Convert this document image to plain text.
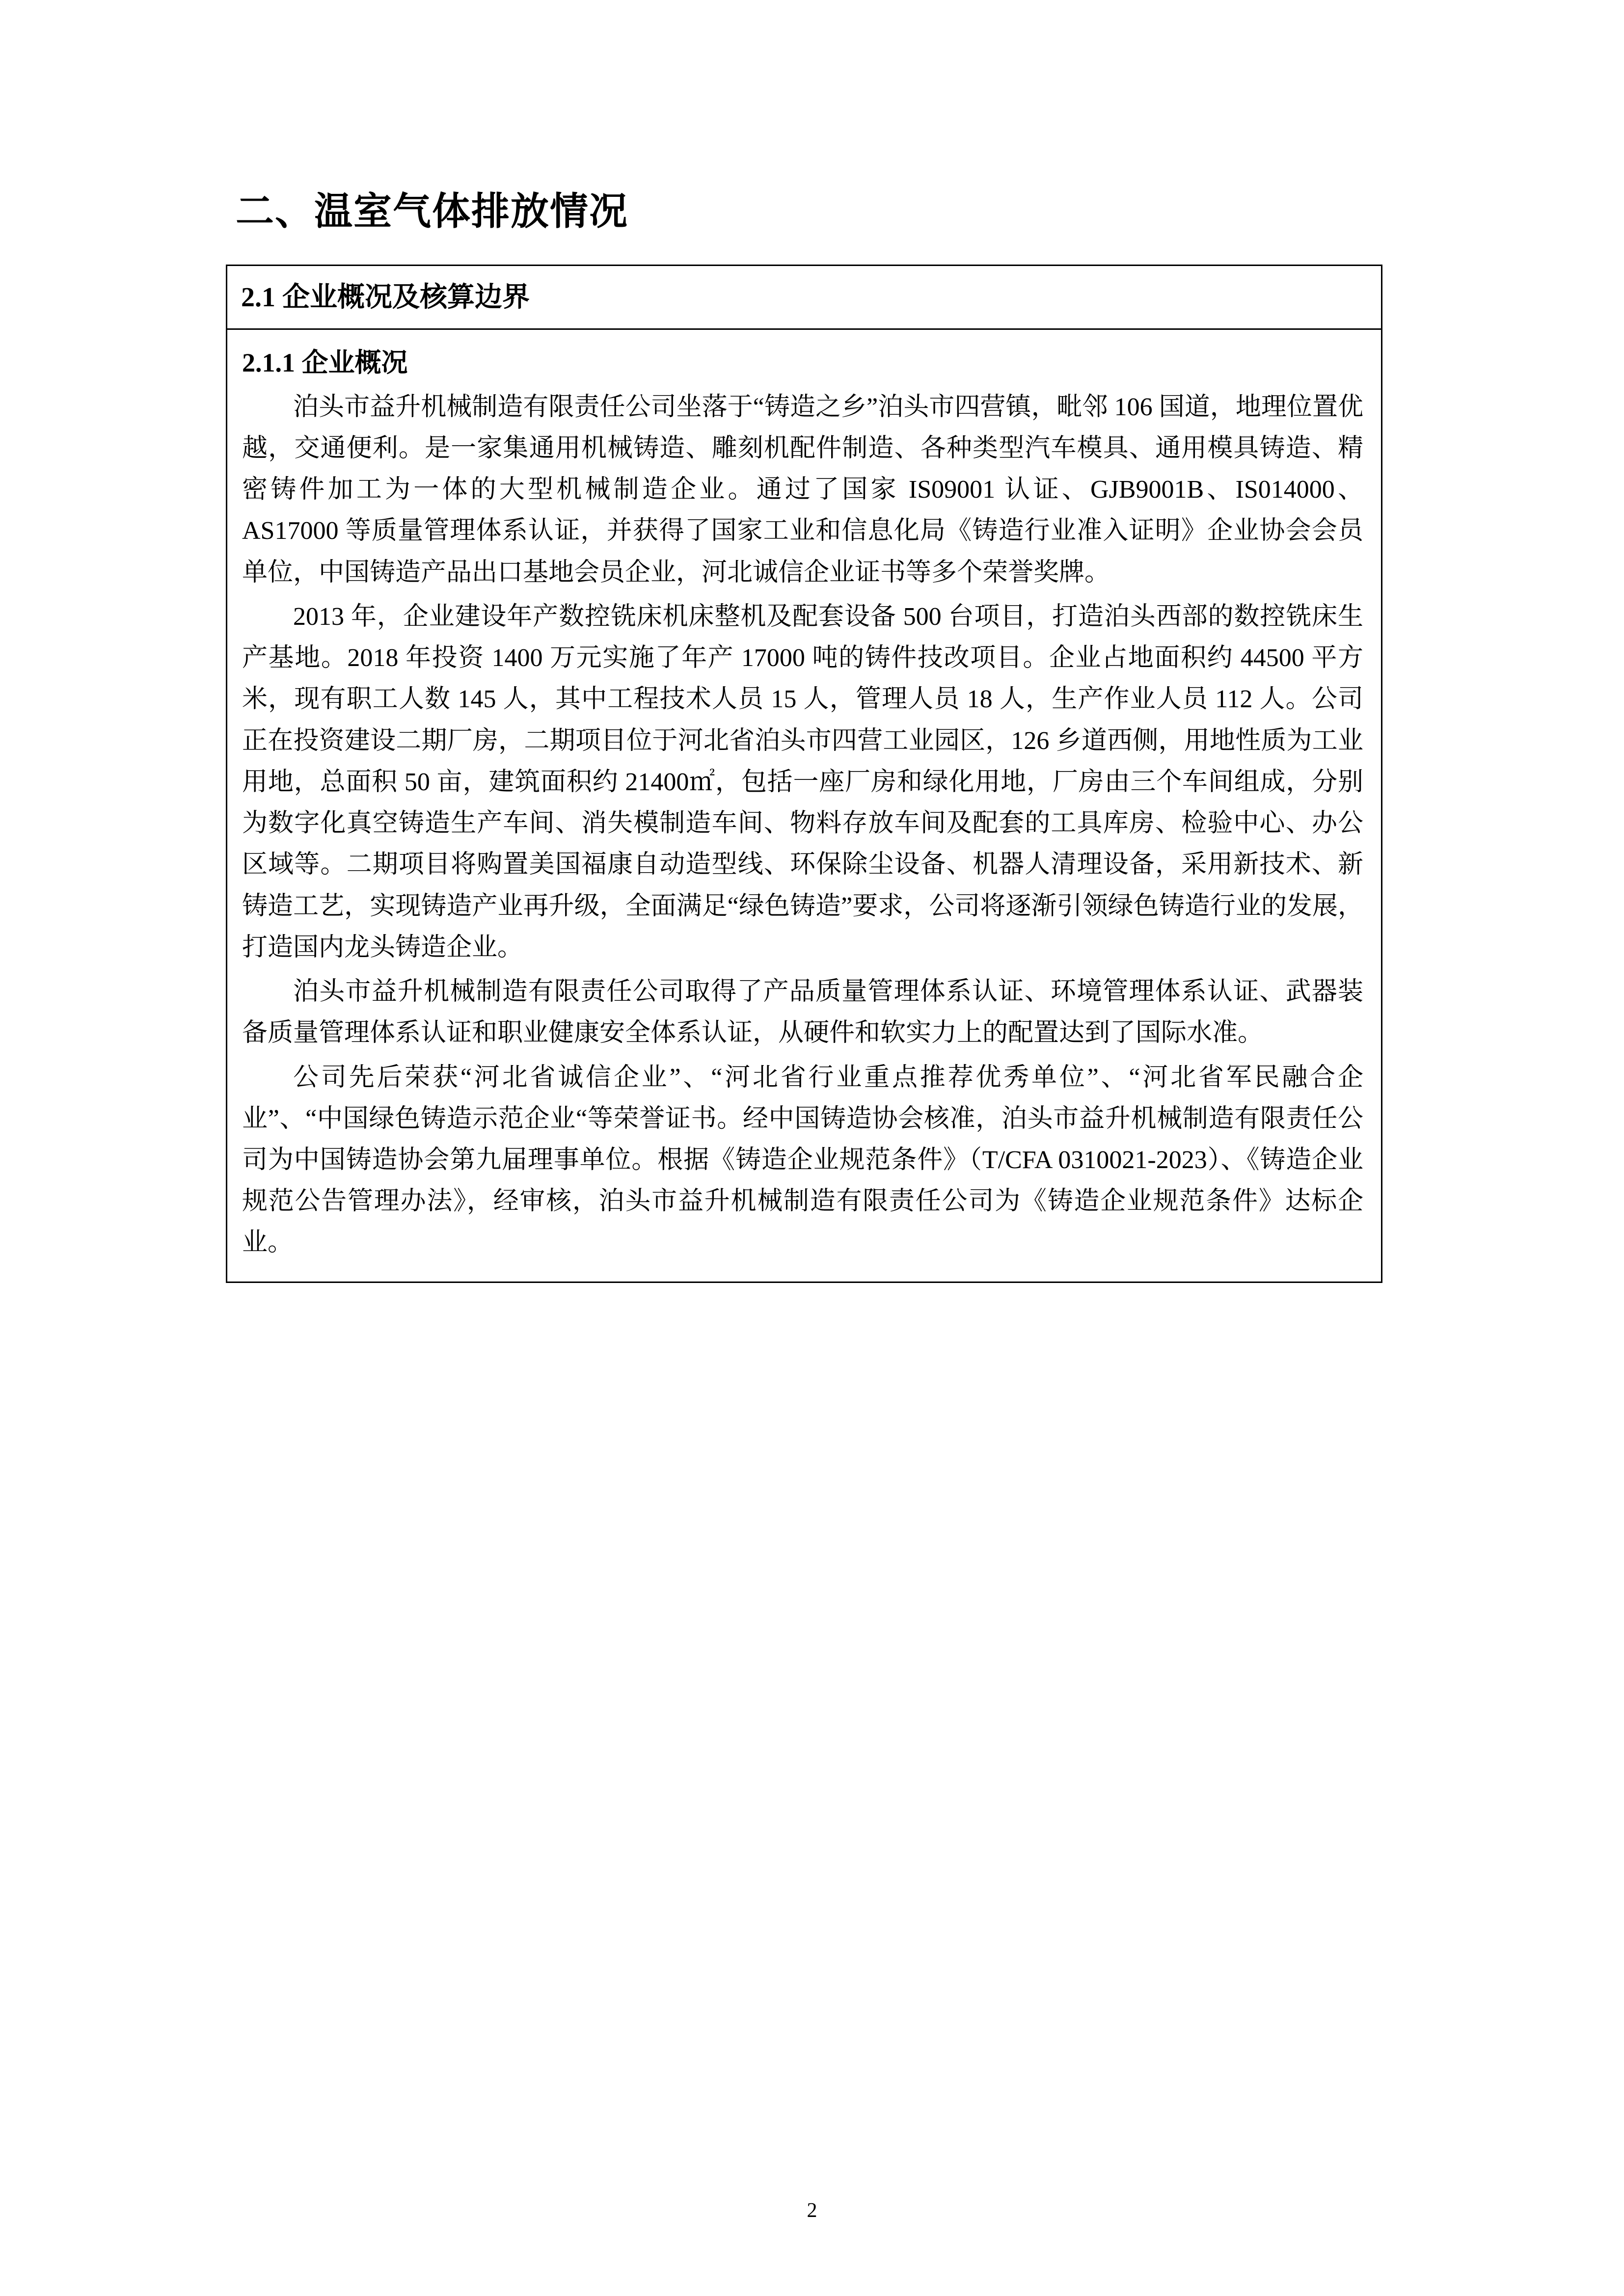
二、温室气体排放情况
2.1 企业概况及核算边界
2.1.1 企业概况

泊头市益升机械制造有限责任公司坐落于“铸造之乡”泊头市四营镇，毗邻 106 国道，地理位置优越，交通便利。是一家集通用机械铸造、雕刻机配件制造、各种类型汽车模具、通用模具铸造、精密铸件加工为一体的大型机械制造企业。通过了国家 IS09001 认证、GJB9001B、IS014000、AS17000 等质量管理体系认证，并获得了国家工业和信息化局《铸造行业准入证明》企业协会会员单位，中国铸造产品出口基地会员企业，河北诚信企业证书等多个荣誉奖牌。

2013 年，企业建设年产数控铣床机床整机及配套设备 500 台项目，打造泊头西部的数控铣床生产基地。2018 年投资 1400 万元实施了年产 17000 吨的铸件技改项目。企业占地面积约 44500 平方米，现有职工人数 145 人，其中工程技术人员 15 人，管理人员 18 人，生产作业人员 112 人。公司正在投资建设二期厂房，二期项目位于河北省泊头市四营工业园区，126 乡道西侧，用地性质为工业用地，总面积 50 亩，建筑面积约 21400㎡，包括一座厂房和绿化用地，厂房由三个车间组成，分别为数字化真空铸造生产车间、消失模制造车间、物料存放车间及配套的工具库房、检验中心、办公区域等。二期项目将购置美国福康自动造型线、环保除尘设备、机器人清理设备，采用新技术、新铸造工艺，实现铸造产业再升级，全面满足“绿色铸造”要求，公司将逐渐引领绿色铸造行业的发展，打造国内龙头铸造企业。

泊头市益升机械制造有限责任公司取得了产品质量管理体系认证、环境管理体系认证、武器装备质量管理体系认证和职业健康安全体系认证，从硬件和软实力上的配置达到了国际水准。

公司先后荣获“河北省诚信企业”、“河北省行业重点推荐优秀单位”、“河北省军民融合企业”、“中国绿色铸造示范企业“等荣誉证书。经中国铸造协会核准，泊头市益升机械制造有限责任公司为中国铸造协会第九届理事单位。根据《铸造企业规范条件》（T/CFA 0310021-2023）、《铸造企业规范公告管理办法》，经审核，泊头市益升机械制造有限责任公司为《铸造企业规范条件》达标企业。

2
